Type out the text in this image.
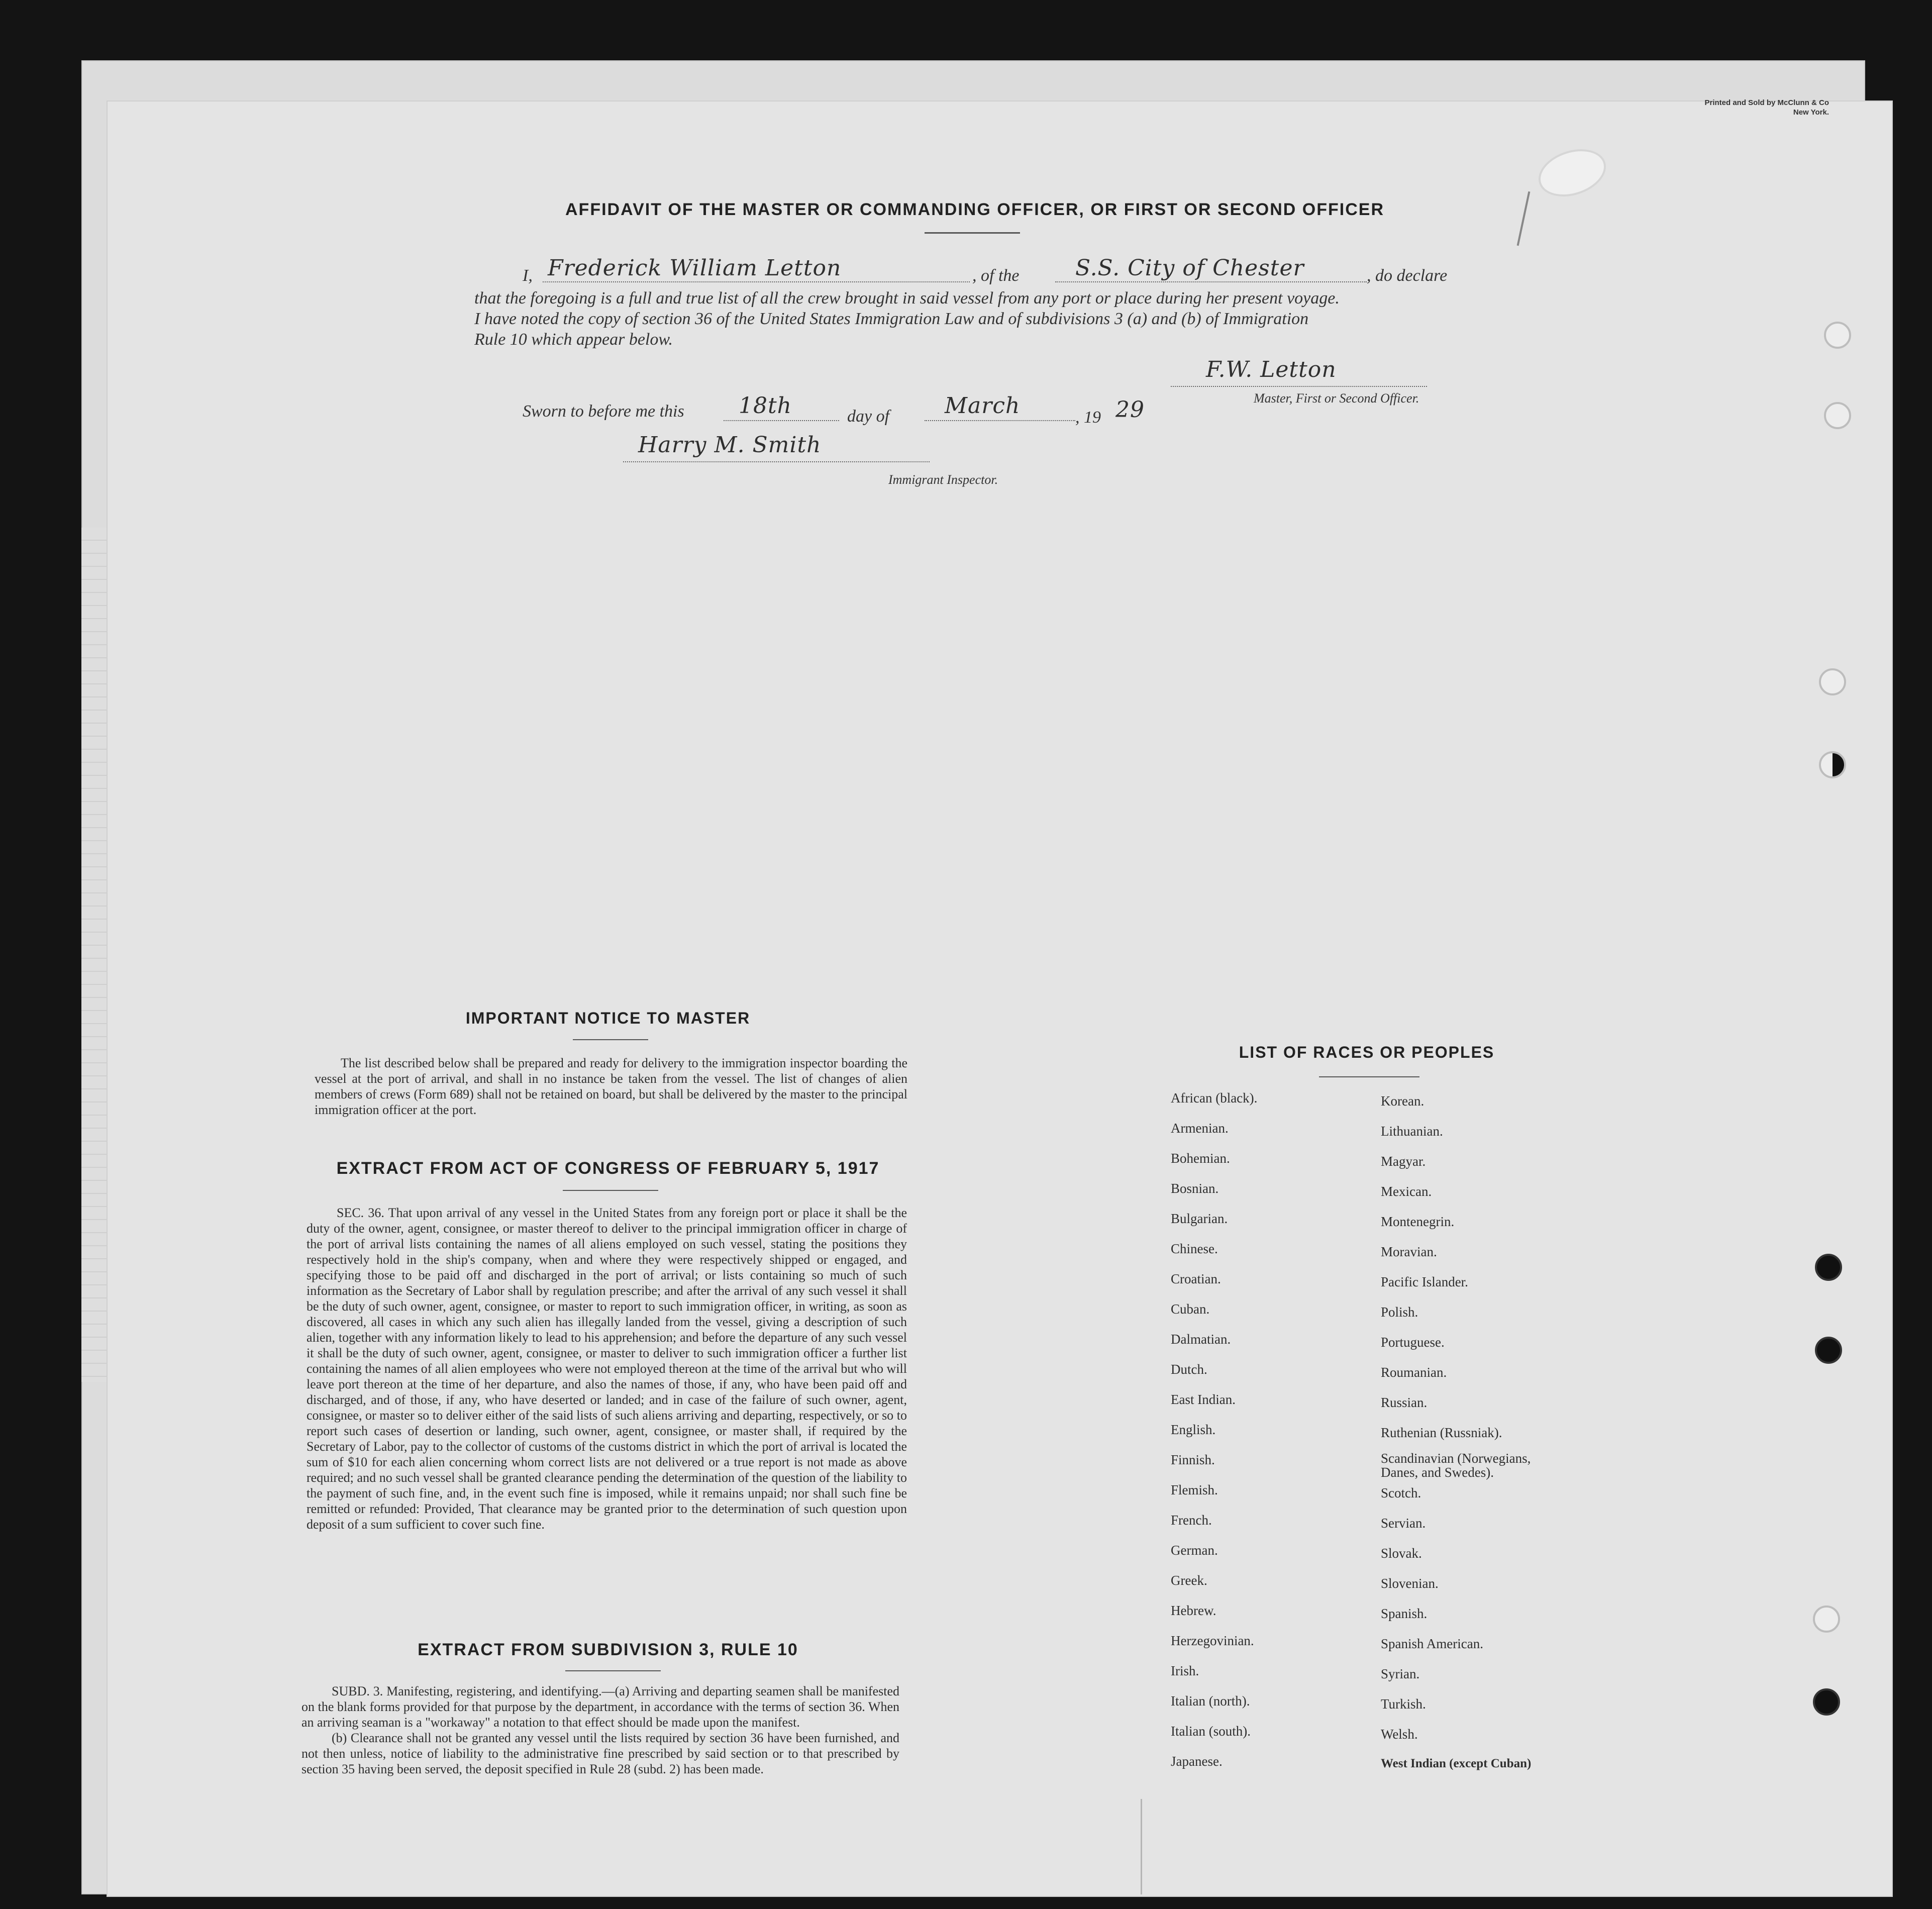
Printed and Sold by McClunn & Co
New York.
AFFIDAVIT OF THE MASTER OR COMMANDING OFFICER, OR FIRST OR SECOND OFFICER
I, Frederick William Letton	, of the	S.S. City of Chester	, do declare
that the foregoing is a full and true list of all the crew brought in said vessel from any port or place during her present voyage.
I have noted the copy of section 36 of the United States Immigration Law and of subdivisions 3 (a) and (b) of Immigration
Rule 10 which appear below.
F.W. Letton
Master, First or Second Officer.
Sworn to before me this 18th	day of March	, 19 29
Harry M. Smith
Immigrant Inspector.
IMPORTANT NOTICE TO MASTER
The list described below shall be prepared and ready for delivery to the immigration inspector boarding the vessel at the port of arrival, and shall in no instance be taken from the vessel. The list of changes of alien members of crews (Form 689) shall not be retained on board, but shall be delivered by the master to the principal immigration officer at the port.
EXTRACT FROM ACT OF CONGRESS OF FEBRUARY 5, 1917
SEC. 36. That upon arrival of any vessel in the United States from any foreign port or place it shall be the duty of the owner, agent, consignee, or master thereof to deliver to the principal immigration officer in charge of the port of arrival lists containing the names of all aliens employed on such vessel, stating the positions they respectively hold in the ship's company, when and where they were respectively shipped or engaged, and specifying those to be paid off and discharged in the port of arrival; or lists containing so much of such information as the Secretary of Labor shall by regulation prescribe; and after the arrival of any such vessel it shall be the duty of such owner, agent, consignee, or master to report to such immigration officer, in writing, as soon as discovered, all cases in which any such alien has illegally landed from the vessel, giving a description of such alien, together with any information likely to lead to his apprehension; and before the departure of any such vessel it shall be the duty of such owner, agent, consignee, or master to deliver to such immigration officer a further list containing the names of all alien employees who were not employed thereon at the time of the arrival but who will leave port thereon at the time of her departure, and also the names of those, if any, who have been paid off and discharged, and of those, if any, who have deserted or landed; and in case of the failure of such owner, agent, consignee, or master so to deliver either of the said lists of such aliens arriving and departing, respectively, or so to report such cases of desertion or landing, such owner, agent, consignee, or master shall, if required by the Secretary of Labor, pay to the collector of customs of the customs district in which the port of arrival is located the sum of $10 for each alien concerning whom correct lists are not delivered or a true report is not made as above required; and no such vessel shall be granted clearance pending the determination of the question of the liability to the payment of such fine, and, in the event such fine is imposed, while it remains unpaid; nor shall such fine be remitted or refunded: Provided, That clearance may be granted prior to the determination of such question upon deposit of a sum sufficient to cover such fine.
EXTRACT FROM SUBDIVISION 3, RULE 10

SUBD. 3. Manifesting, registering, and identifying.—(a) Arriving and departing seamen shall be manifested on the blank forms provided for that purpose by the department, in accordance with the terms of section 36. When an arriving seaman is a "workaway" a notation to that effect should be made upon the manifest.

(b) Clearance shall not be granted any vessel until the lists required by section 36 have been furnished, and not then unless, notice of liability to the administrative fine prescribed by said section or to that prescribed by section 35 having been served, the deposit specified in Rule 28 (subd. 2) has been made.

LIST OF RACES OR PEOPLES
African (black).
Armenian.
Bohemian.
Bosnian.
Bulgarian.
Chinese.
Croatian.
Cuban.
Dalmatian.
Dutch.
East Indian.
English.
Finnish.
Flemish.
French.
German.
Greek.
Hebrew.
Herzegovinian.
Irish.
Italian (north).
Italian (south).
Japanese.
Korean.
Lithuanian.
Magyar.
Mexican.
Montenegrin.
Moravian.
Pacific Islander.
Polish.
Portuguese.
Roumanian.
Russian.
Ruthenian (Russniak).
Scandinavian (Norwegians, Danes, and Swedes).
Scotch.
Servian.
Slovak.
Slovenian.
Spanish.
Spanish American.
Syrian.
Turkish.
Welsh.
West Indian (except Cuban)
